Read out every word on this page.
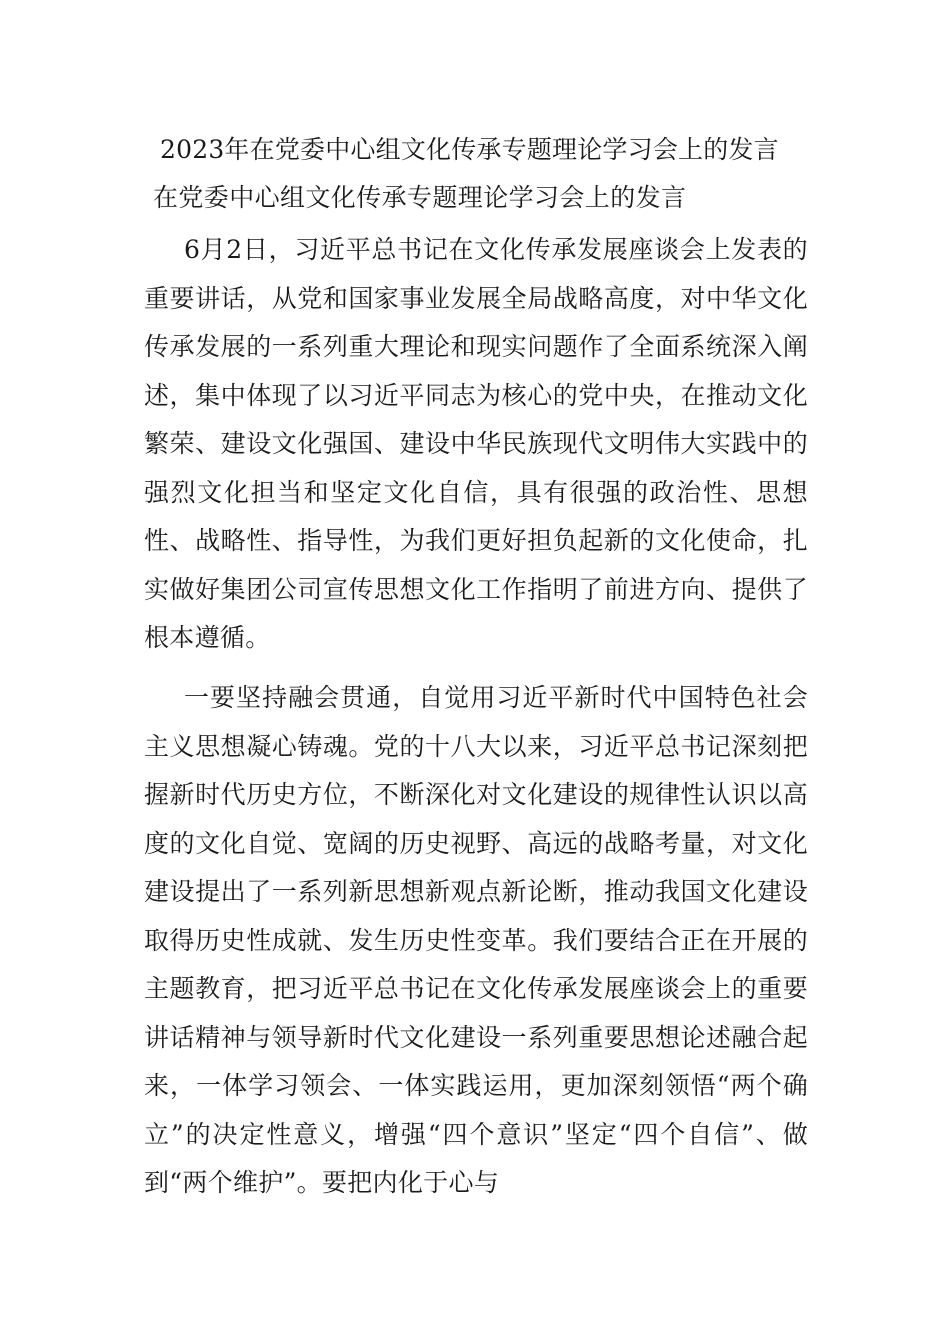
2023年在党委中心组文化传承专题理论学习会上的发言
在党委中心组文化传承专题理论学习会上的发言
6月2日，习近平总书记在文化传承发展座谈会上发表的重要讲话，从党和国家事业发展全局战略高度，对中华文化传承发展的一系列重大理论和现实问题作了全面系统深入阐述，集中体现了以习近平同志为核心的党中央，在推动文化繁荣、建设文化强国、建设中华民族现代文明伟大实践中的强烈文化担当和坚定文化自信，具有很强的政治性、思想性、战略性、指导性，为我们更好担负起新的文化使命，扎实做好集团公司宣传思想文化工作指明了前进方向、提供了根本遵循。
一要坚持融会贯通，自觉用习近平新时代中国特色社会主义思想凝心铸魂。党的十八大以来，习近平总书记深刻把握新时代历史方位，不断深化对文化建设的规律性认识以高度的文化自觉、宽阔的历史视野、高远的战略考量，对文化建设提出了一系列新思想新观点新论断，推动我国文化建设取得历史性成就、发生历史性变革。我们要结合正在开展的主题教育，把习近平总书记在文化传承发展座谈会上的重要讲话精神与领导新时代文化建设一系列重要思想论述融合起来，一体学习领会、一体实践运用，更加深刻领悟“两个确立”的决定性意义，增强“四个意识”坚定“四个自信”、做到“两个维护”。要把内化于心与
